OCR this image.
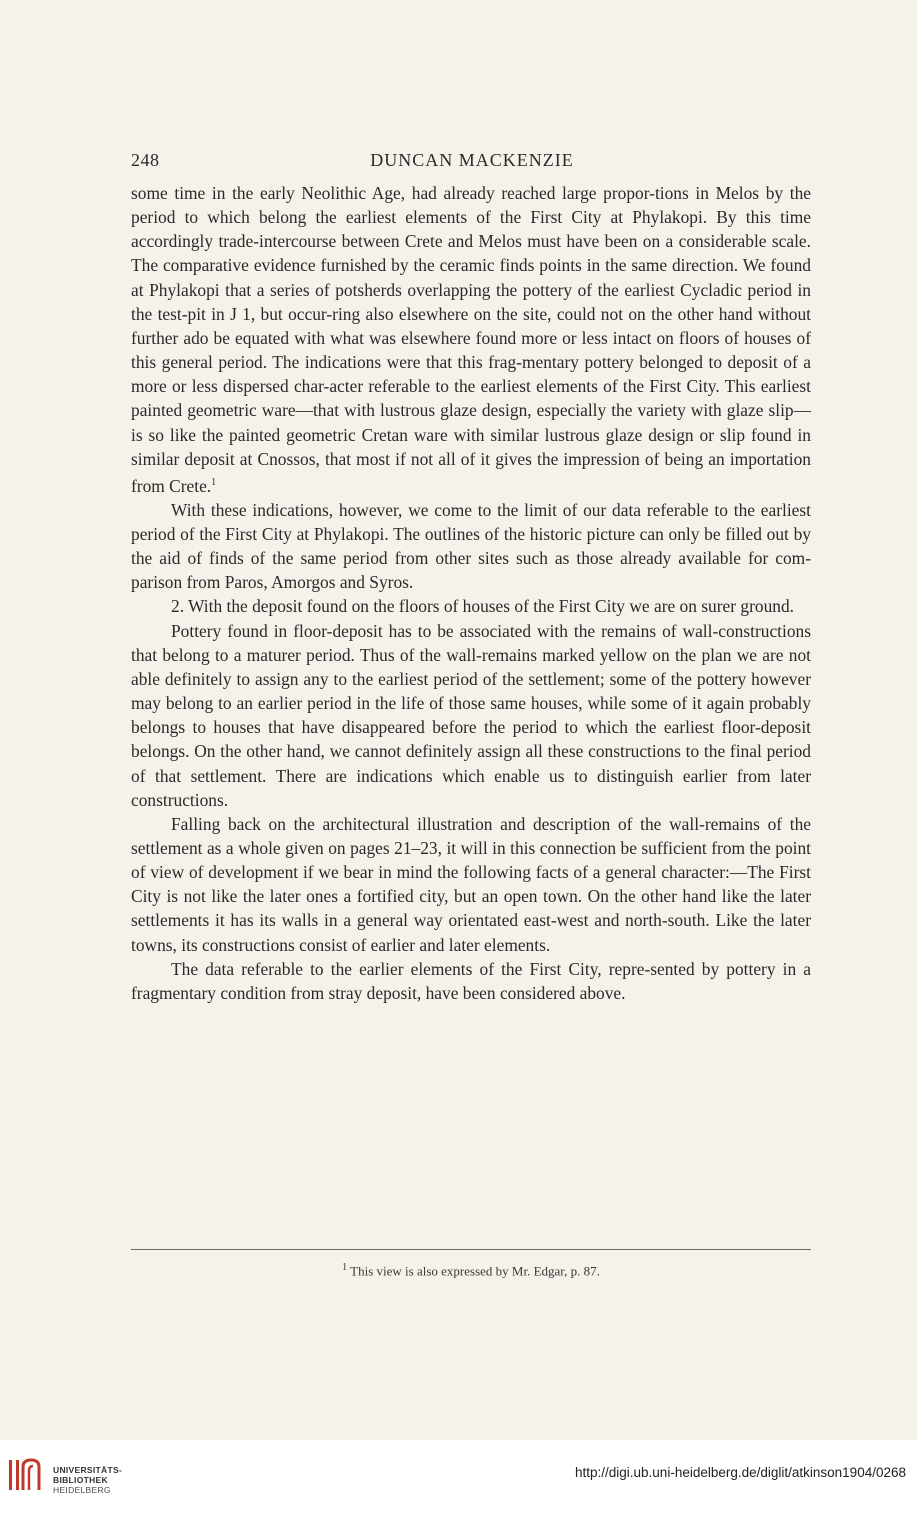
248	DUNCAN MACKENZIE

some time in the early Neolithic Age, had already reached large propor-tions in Melos by the period to which belong the earliest elements of the First City at Phylakopi. By this time accordingly trade-intercourse between Crete and Melos must have been on a considerable scale. The comparative evidence furnished by the ceramic finds points in the same direction. We found at Phylakopi that a series of potsherds overlapping the pottery of the earliest Cycladic period in the test-pit in J 1, but occur-ring also elsewhere on the site, could not on the other hand without further ado be equated with what was elsewhere found more or less intact on floors of houses of this general period. The indications were that this frag-mentary pottery belonged to deposit of a more or less dispersed char-acter referable to the earliest elements of the First City. This earliest painted geometric ware—that with lustrous glaze design, especially the variety with glaze slip—is so like the painted geometric Cretan ware with similar lustrous glaze design or slip found in similar deposit at Cnossos, that most if not all of it gives the impression of being an importation from Crete.$^1$

With these indications, however, we come to the limit of our data referable to the earliest period of the First City at Phylakopi. The outlines of the historic picture can only be filled out by the aid of finds of the same period from other sites such as those already available for com-parison from Paros, Amorgos and Syros.

2. With the deposit found on the floors of houses of the First City we are on surer ground.

Pottery found in floor-deposit has to be associated with the remains of wall-constructions that belong to a maturer period. Thus of the wall-remains marked yellow on the plan we are not able definitely to assign any to the earliest period of the settlement; some of the pottery however may belong to an earlier period in the life of those same houses, while some of it again probably belongs to houses that have disappeared before the period to which the earliest floor-deposit belongs. On the other hand, we cannot definitely assign all these constructions to the final period of that settlement. There are indications which enable us to distinguish earlier from later constructions.

Falling back on the architectural illustration and description of the wall-remains of the settlement as a whole given on pages 21–23, it will in this connection be sufficient from the point of view of development if we bear in mind the following facts of a general character:—The First City is not like the later ones a fortified city, but an open town. On the other hand like the later settlements it has its walls in a general way orientated east-west and north-south. Like the later towns, its constructions consist of earlier and later elements.

The data referable to the earlier elements of the First City, repre-sented by pottery in a fragmentary condition from stray deposit, have been considered above.

$^1$ This view is also expressed by Mr. Edgar, p. 87.
UNIVERSITÄTS-
BIBLIOTHEK
HEIDELBERG
http://digi.ub.uni-heidelberg.de/diglit/atkinson1904/0268
